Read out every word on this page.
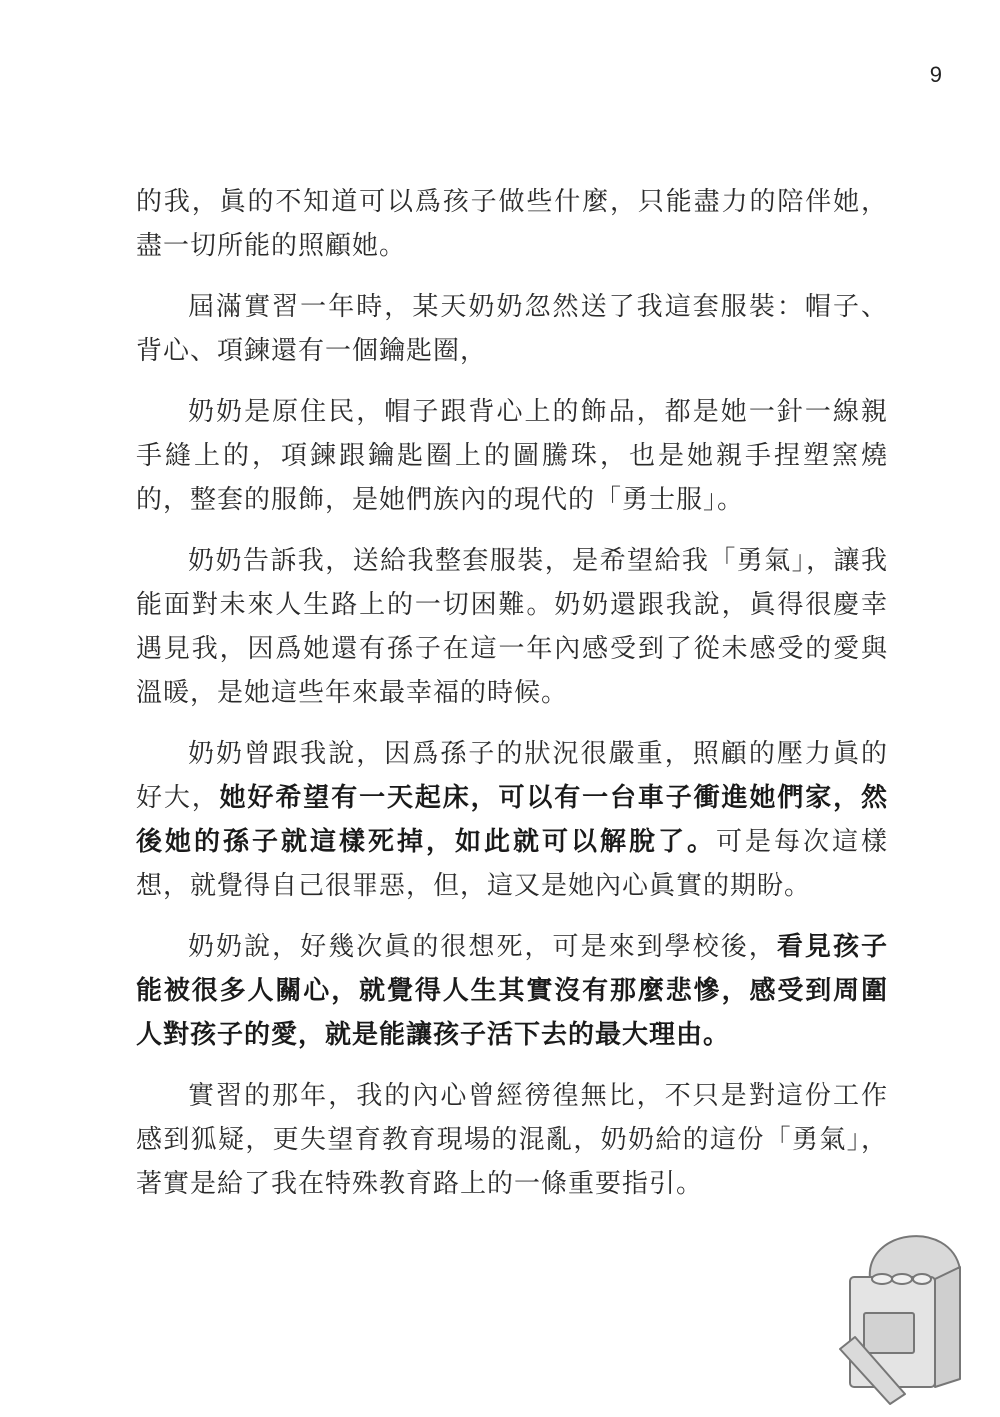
9

的我，眞的不知道可以爲孩子做些什麼，只能盡力的陪伴她，盡一切所能的照顧她。

屆滿實習一年時，某天奶奶忽然送了我這套服裝：帽子、背心、項鍊還有一個鑰匙圈，

奶奶是原住民，帽子跟背心上的飾品，都是她一針一線親手縫上的，項鍊跟鑰匙圈上的圖騰珠，也是她親手捏塑窯燒的，整套的服飾，是她們族內的現代的「勇士服」。

奶奶告訴我，送給我整套服裝，是希望給我「勇氣」，讓我能面對未來人生路上的一切困難。奶奶還跟我說，眞得很慶幸遇見我，因爲她還有孫子在這一年內感受到了從未感受的愛與溫暖，是她這些年來最幸福的時候。

奶奶曾跟我說，因爲孫子的狀況很嚴重，照顧的壓力眞的好大，她好希望有一天起床，可以有一台車子衝進她們家，然後她的孫子就這樣死掉，如此就可以解脫了。可是每次這樣想，就覺得自己很罪惡，但，這又是她內心眞實的期盼。

奶奶說，好幾次眞的很想死，可是來到學校後，看見孩子能被很多人關心，就覺得人生其實沒有那麼悲慘，感受到周圍人對孩子的愛，就是能讓孩子活下去的最大理由。

實習的那年，我的內心曾經徬徨無比，不只是對這份工作感到狐疑，更失望育教育現場的混亂，奶奶給的這份「勇氣」，著實是給了我在特殊教育路上的一條重要指引。
